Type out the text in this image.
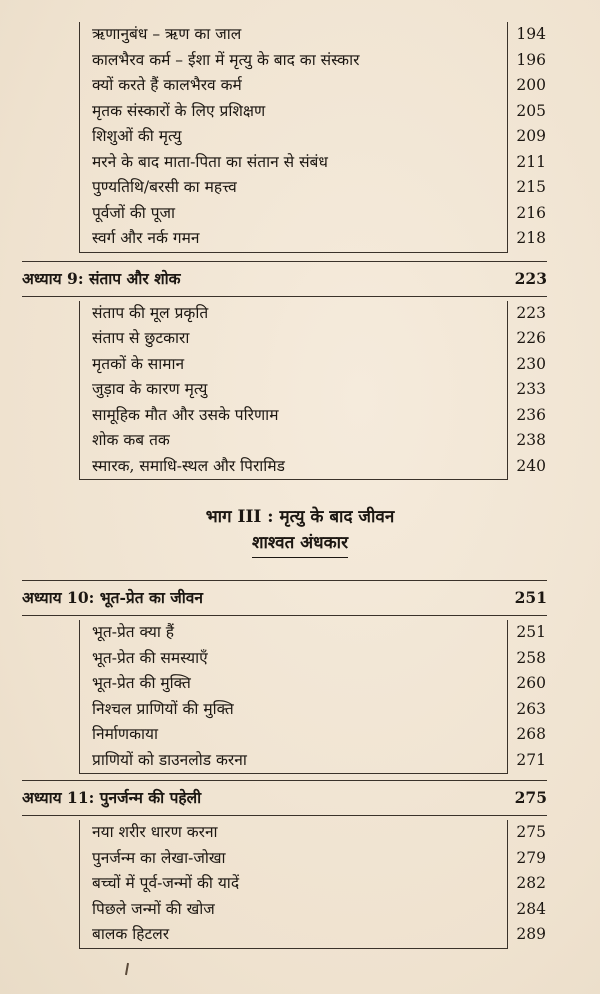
ऋणानुबंध – ऋण का जाल	194
कालभैरव कर्म – ईशा में मृत्यु के बाद का संस्कार	196
क्यों करते हैं कालभैरव कर्म	200
मृतक संस्कारों के लिए प्रशिक्षण	205
शिशुओं की मृत्यु	209
मरने के बाद माता-पिता का संतान से संबंध	211
पुण्यतिथि/बरसी का महत्त्व	215
पूर्वजों की पूजा	216
स्वर्ग और नर्क गमन	218
अध्याय 9: संताप और शोक	223
संताप की मूल प्रकृति	223
संताप से छुटकारा	226
मृतकों के सामान	230
जुड़ाव के कारण मृत्यु	233
सामूहिक मौत और उसके परिणाम	236
शोक कब तक	238
स्मारक, समाधि-स्थल और पिरामिड	240
भाग III : मृत्यु के बाद जीवन
शाश्वत अंधकार
अध्याय 10: भूत-प्रेत का जीवन	251
भूत-प्रेत क्या हैं	251
भूत-प्रेत की समस्याएँ	258
भूत-प्रेत की मुक्ति	260
निश्चल प्राणियों की मुक्ति	263
निर्माणकाया	268
प्राणियों को डाउनलोड करना	271
अध्याय 11: पुनर्जन्म की पहेली	275
नया शरीर धारण करना	275
पुनर्जन्म का लेखा-जोखा	279
बच्चों में पूर्व-जन्मों की यादें	282
पिछले जन्मों की खोज	284
बालक हिटलर	289
